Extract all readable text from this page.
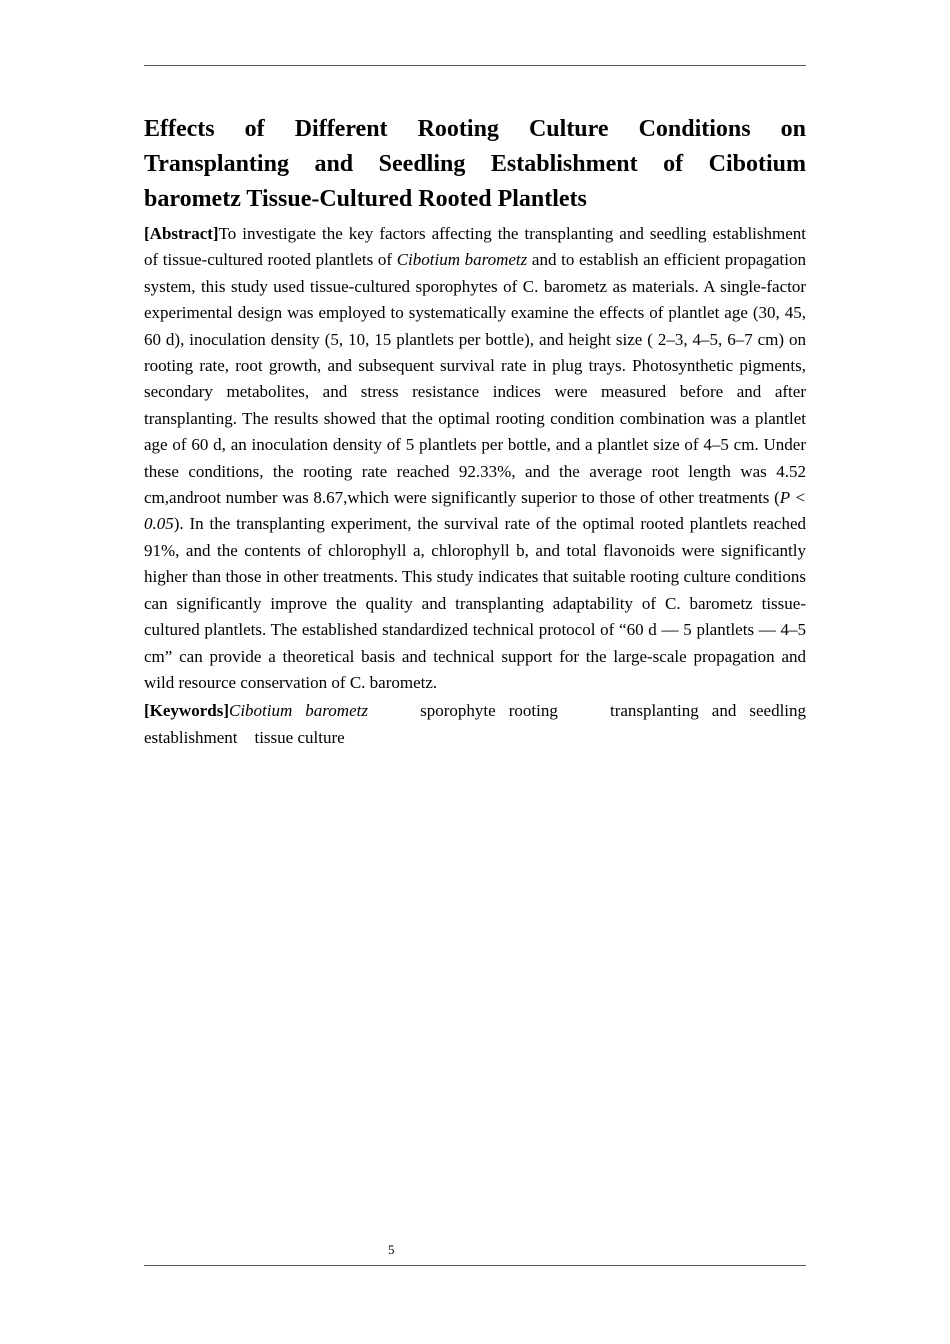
Effects of Different Rooting Culture Conditions on Transplanting and Seedling Establishment of Cibotium barometz Tissue-Cultured Rooted Plantlets

[Abstract]To investigate the key factors affecting the transplanting and seedling establishment of tissue-cultured rooted plantlets of Cibotium barometz and to establish an efficient propagation system, this study used tissue-cultured sporophytes of C. barometz as materials. A single-factor experimental design was employed to systematically examine the effects of plantlet age (30, 45, 60 d), inoculation density (5, 10, 15 plantlets per bottle), and height size ( 2–3, 4–5, 6–7 cm) on rooting rate, root growth, and subsequent survival rate in plug trays. Photosynthetic pigments, secondary metabolites, and stress resistance indices were measured before and after transplanting. The results showed that the optimal rooting condition combination was a plantlet age of 60 d, an inoculation density of 5 plantlets per bottle, and a plantlet size of 4–5 cm. Under these conditions, the rooting rate reached 92.33%, and the average root length was 4.52 cm,androot number was 8.67,which were significantly superior to those of other treatments (P < 0.05). In the transplanting experiment, the survival rate of the optimal rooted plantlets reached 91%, and the contents of chlorophyll a, chlorophyll b, and total flavonoids were significantly higher than those in other treatments. This study indicates that suitable rooting culture conditions can significantly improve the quality and transplanting adaptability of C. barometz tissue-cultured plantlets. The established standardized technical protocol of “60 d — 5 plantlets — 4–5 cm” can provide a theoretical basis and technical support for the large-scale propagation and wild resource conservation of C. barometz.

[Keywords]Cibotium barometz	sporophyte rooting	transplanting and seedling establishment tissue culture

5
